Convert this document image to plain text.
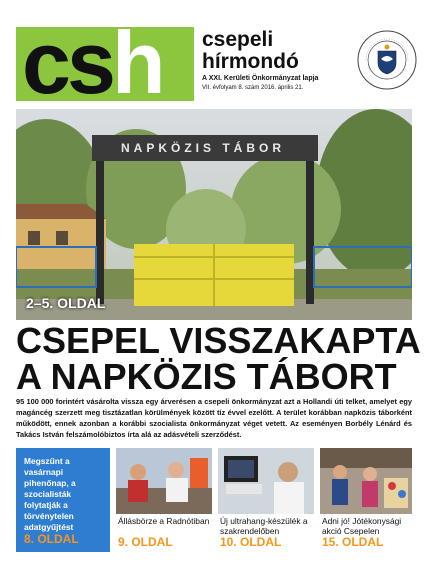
csh csepeli
hírmondó
A XXI. Kerületi Önkormányzat lapja
VII. évfolyam 8. szám 2016. április 21.
NAPKÖZIS TÁBOR
2–5. OLDAL
CSEPEL VISSZAKAPTA
A NAPKÖZIS TÁBORT
95 100 000 forintért vásárolta vissza egy árverésen a csepeli önkormányzat azt a Hollandi úti telket, amelyet egy magáncég szerzett meg tisztázatlan körülmények között tíz évvel ezelőtt. A terület korábban napközis táborként működött, ennek azonban a korábbi szocialista önkormányzat véget vetett. Az eseményen Borbély Lénárd és Takács István felszámolóbiztos írta alá az adásvételi szerződést.
Megszűnt a vasárnapi pihenőnap, a szocialisták folytatják a törvénytelen adatgyűjtést
8. OLDAL
Állásbörze a Radnótiban
9. OLDAL
Új ultrahang-készülék a szakrendelőben
10. OLDAL
Adni jó! Jótékonysági akció Csepelen
15. OLDAL
